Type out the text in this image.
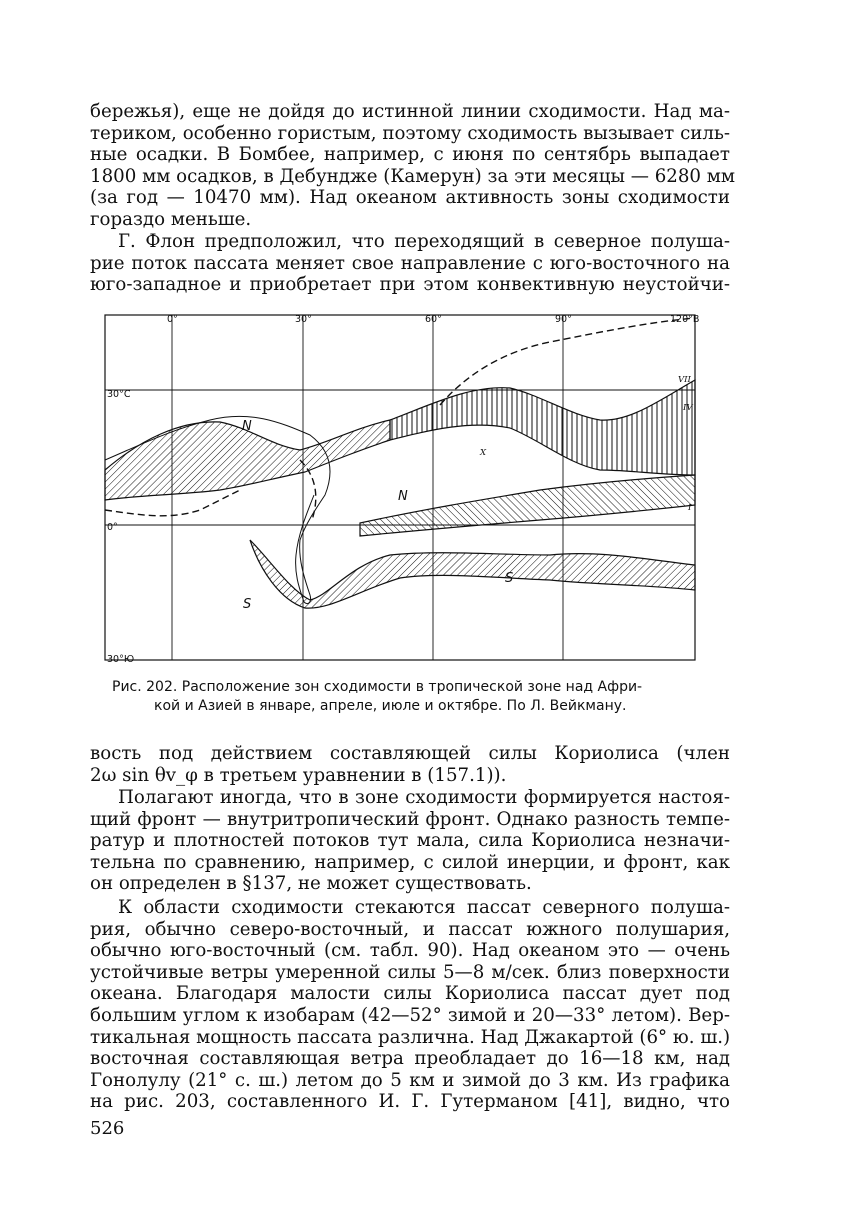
бережья), еще не дойдя до истинной линии сходимости. Над ма-
териком, особенно гористым, поэтому сходимость вызывает силь-
ные осадки. В Бомбее, например, с июня по сентябрь выпадает
1800 мм осадков, в Дебундже (Камерун) за эти месяцы — 6280 мм
(за год — 10470 мм). Над океаном активность зоны сходимости
гораздо меньше.

Г. Флон предположил, что переходящий в северное полуша-
рие поток пассата меняет свое направление с юго-восточного на
юго-западное и приобретает при этом конвективную неустойчи-

0°	30°	60°	90°	120°В
30°С
0°
30°Ю
N
N
S
S
I
IV
VII
X

Рис. 202. Расположение зон сходимости в тропической зоне над Афри-
кой и Азией в январе, апреле, июле и октябре. По Л. Вейкману.

вость под действием составляющей силы Кориолиса (член
2ω sin θv_φ в третьем уравнении в (157.1)).

Полагают иногда, что в зоне сходимости формируется настоя-
щий фронт — внутритропический фронт. Однако разность темпе-
ратур и плотностей потоков тут мала, сила Кориолиса незначи-
тельна по сравнению, например, с силой инерции, и фронт, как
он определен в §137, не может существовать.

К области сходимости стекаются пассат северного полуша-
рия, обычно северо-восточный, и пассат южного полушария,
обычно юго-восточный (см. табл. 90). Над океаном это — очень
устойчивые ветры умеренной силы 5—8 м/сек. близ поверхности
океана. Благодаря малости силы Кориолиса пассат дует под
большим углом к изобарам (42—52° зимой и 20—33° летом). Вер-
тикальная мощность пассата различна. Над Джакартой (6° ю. ш.)
восточная составляющая ветра преобладает до 16—18 км, над
Гонолулу (21° с. ш.) летом до 5 км и зимой до 3 км. Из графика
на рис. 203, составленного И. Г. Гутерманом [41], видно, что

526
